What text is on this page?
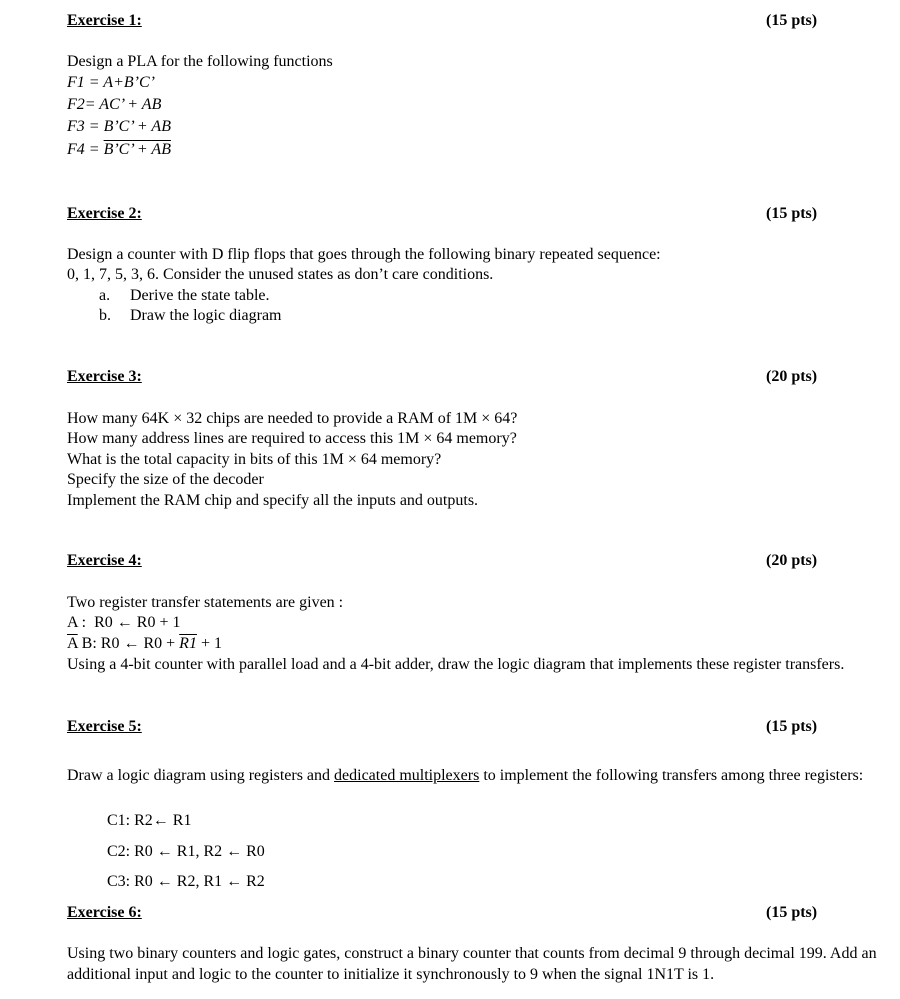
Exercise 1:	(15 pts)
Design a PLA for the following functions
F1 = A+B’C’
F2= AC’ + AB
F3 = B’C’ + AB
F4 = B’C’ + $\overline{AB}$
Exercise 2:	(15 pts)
Design a counter with D flip flops that goes through the following binary repeated sequence:
0, 1, 7, 5, 3, 6. Consider the unused states as don’t care conditions.
a. Derive the state table.
b. Draw the logic diagram
Exercise 3:	(20 pts)
How many 64K × 32 chips are needed to provide a RAM of 1M × 64?
How many address lines are required to access this 1M × 64 memory?
What is the total capacity in bits of this 1M × 64 memory?
Specify the size of the decoder
Implement the RAM chip and specify all the inputs and outputs.
Exercise 4:	(20 pts)
Two register transfer statements are given :
A : R0 ← R0 + 1
$\overline{A}$ B: R0 ← R0 + R1 + 1
Using a 4-bit counter with parallel load and a 4-bit adder, draw the logic diagram that implements these register transfers.
Exercise 5:	(15 pts)
Draw a logic diagram using registers and dedicated multiplexers to implement the following transfers among three registers:
C1: R2← R1
C2: R0 ← R1, R2 ← R0
C3: R0 ← R2, R1 ← R2
Exercise 6:	(15 pts)
Using two binary counters and logic gates, construct a binary counter that counts from decimal 9 through decimal 199. Add an additional input and logic to the counter to initialize it synchronously to 9 when the signal 1N1T is 1.
